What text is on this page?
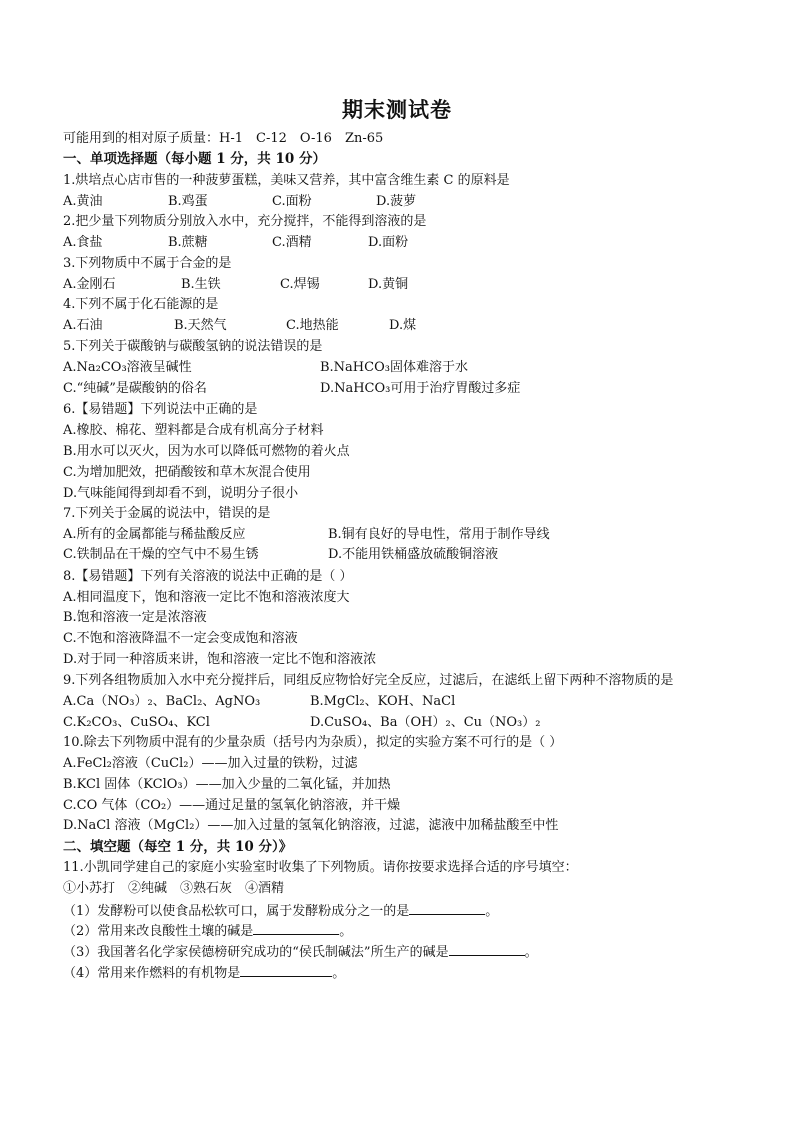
期末测试卷
可能用到的相对原子质量：H-1　C-12　O-16　Zn-65
一、单项选择题（每小题 1 分，共 10 分）
1.烘培点心店市售的一种菠萝蛋糕，美味又营养，其中富含维生素 C 的原料是
A.黄油	B.鸡蛋	C.面粉	D.菠萝
2.把少量下列物质分别放入水中，充分搅拌，不能得到溶液的是
A.食盐	B.蔗糖	C.酒精	D.面粉
3.下列物质中不属于合金的是
A.金刚石	B.生铁	C.焊锡	D.黄铜
4.下列不属于化石能源的是
A.石油	B.天然气	C.地热能	D.煤
5.下列关于碳酸钠与碳酸氢钠的说法错误的是
A.Na₂CO₃溶液呈碱性	B.NaHCO₃固体难溶于水
C.“纯碱”是碳酸钠的俗名	D.NaHCO₃可用于治疗胃酸过多症
6.【易错题】下列说法中正确的是
A.橡胶、棉花、塑料都是合成有机高分子材料
B.用水可以灭火，因为水可以降低可燃物的着火点
C.为增加肥效，把硝酸铵和草木灰混合使用
D.气味能闻得到却看不到，说明分子很小
7.下列关于金属的说法中，错误的是
A.所有的金属都能与稀盐酸反应	B.铜有良好的导电性，常用于制作导线
C.铁制品在干燥的空气中不易生锈	D.不能用铁桶盛放硫酸铜溶液
8.【易错题】下列有关溶液的说法中正确的是（ ）
A.相同温度下，饱和溶液一定比不饱和溶液浓度大
B.饱和溶液一定是浓溶液
C.不饱和溶液降温不一定会变成饱和溶液
D.对于同一种溶质来讲，饱和溶液一定比不饱和溶液浓
9.下列各组物质加入水中充分搅拌后，同组反应物恰好完全反应，过滤后，在滤纸上留下两种不溶物质的是
A.Ca（NO₃）₂、BaCl₂、AgNO₃	B.MgCl₂、KOH、NaCl
C.K₂CO₃、CuSO₄、KCl	D.CuSO₄、Ba（OH）₂、Cu（NO₃）₂
10.除去下列物质中混有的少量杂质（括号内为杂质），拟定的实验方案不可行的是（ ）
A.FeCl₂溶液（CuCl₂）——加入过量的铁粉，过滤
B.KCl 固体（KClO₃）——加入少量的二氧化锰，并加热
C.CO 气体（CO₂）——通过足量的氢氧化钠溶液，并干燥
D.NaCl 溶液（MgCl₂）——加入过量的氢氧化钠溶液，过滤，滤液中加稀盐酸至中性
二、填空题（每空 1 分，共 10 分）》
11.小凯同学建自己的家庭小实验室时收集了下列物质。请你按要求选择合适的序号填空：
①小苏打　②纯碱　③熟石灰　④酒精
（1）发酵粉可以使食品松软可口，属于发酵粉成分之一的是	。
（2）常用来改良酸性土壤的碱是	。
（3）我国著名化学家侯德榜研究成功的“侯氏制碱法”所生产的碱是	。
（4）常用来作燃料的有机物是	。
